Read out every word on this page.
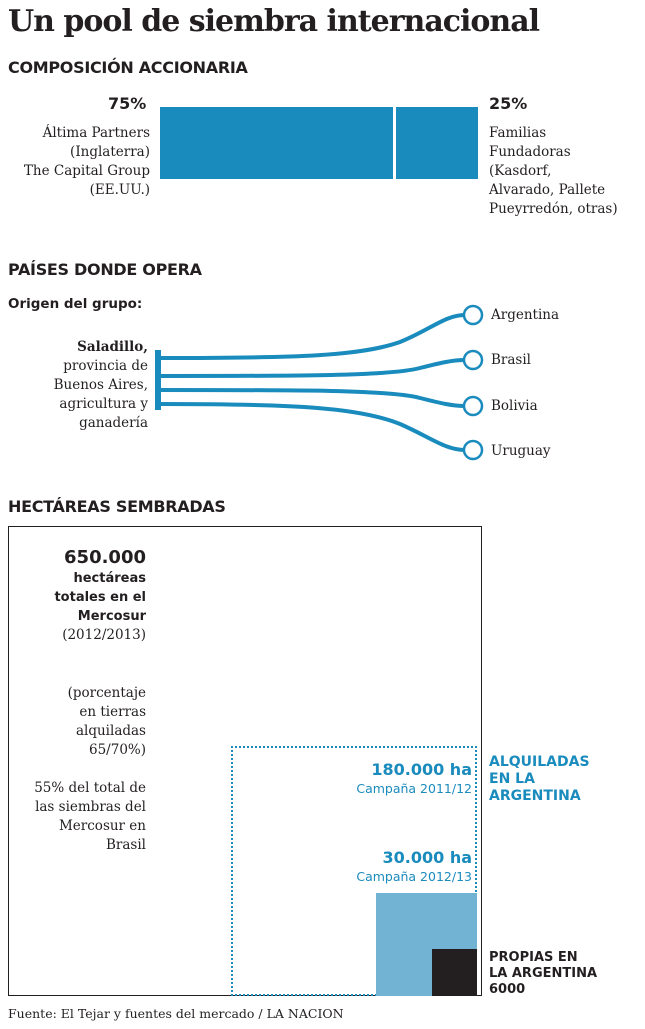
Un pool de siembra internacional
COMPOSICIÓN ACCIONARIA
75%
Áltima Partners
(Inglaterra)
The Capital Group
(EE.UU.)
25%
Familias
Fundadoras
(Kasdorf,
Alvarado, Pallete
Pueyrredón, otras)
PAÍSES DONDE OPERA
Origen del grupo:
Saladillo,
provincia de
Buenos Aires,
agricultura y
ganadería
Argentina
Brasil
Bolivia
Uruguay
HECTÁREAS SEMBRADAS
650.000
hectáreas
totales en el
Mercosur
(2012/2013)
(porcentaje
en tierras
alquiladas
65/70%)
55% del total de
las siembras del
Mercosur en
Brasil
ALQUILADAS
EN LA
ARGENTINA
180.000 ha
Campaña 2011/12
30.000 ha
Campaña 2012/13
PROPIAS EN
LA ARGENTINA
6000
Fuente: El Tejar y fuentes del mercado / LA NACION
